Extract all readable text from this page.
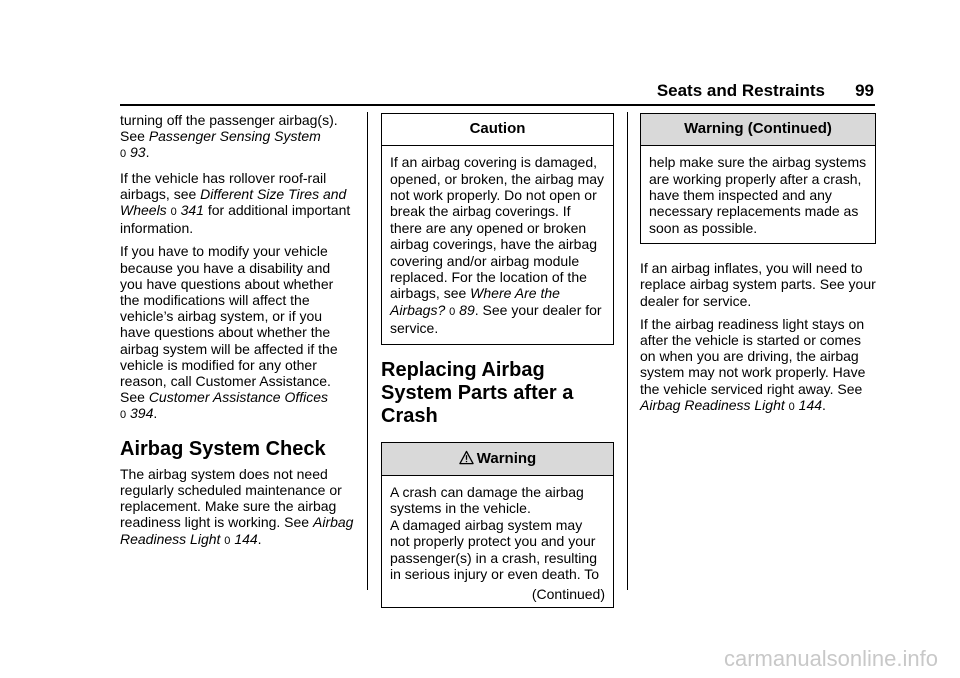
Seats and Restraints 99

turning off the passenger airbag(s). See Passenger Sensing System
0 93.

If the vehicle has rollover roof-rail airbags, see Different Size Tires and Wheels 0 341 for additional important information.

If you have to modify your vehicle because you have a disability and you have questions about whether the modifications will affect the vehicle’s airbag system, or if you have questions about whether the airbag system will be affected if the vehicle is modified for any other reason, call Customer Assistance. See Customer Assistance Offices
0 394.

Airbag System Check

The airbag system does not need regularly scheduled maintenance or replacement. Make sure the airbag readiness light is working. See Airbag Readiness Light 0 144.

Caution

If an airbag covering is damaged, opened, or broken, the airbag may not work properly. Do not open or break the airbag coverings. If there are any opened or broken airbag coverings, have the airbag covering and/or airbag module replaced. For the location of the airbags, see Where Are the Airbags? 0 89. See your dealer for service.

Replacing Airbag System Parts after a Crash
Warning

A crash can damage the airbag systems in the vehicle.

A damaged airbag system may not properly protect you and your passenger(s) in a crash, resulting in serious injury or even death. To

(Continued)
Warning (Continued)

help make sure the airbag systems are working properly after a crash, have them inspected and any necessary replacements made as soon as possible.

If an airbag inflates, you will need to replace airbag system parts. See your dealer for service.

If the airbag readiness light stays on after the vehicle is started or comes on when you are driving, the airbag system may not work properly. Have the vehicle serviced right away. See Airbag Readiness Light 0 144.

carmanualsonline.info
